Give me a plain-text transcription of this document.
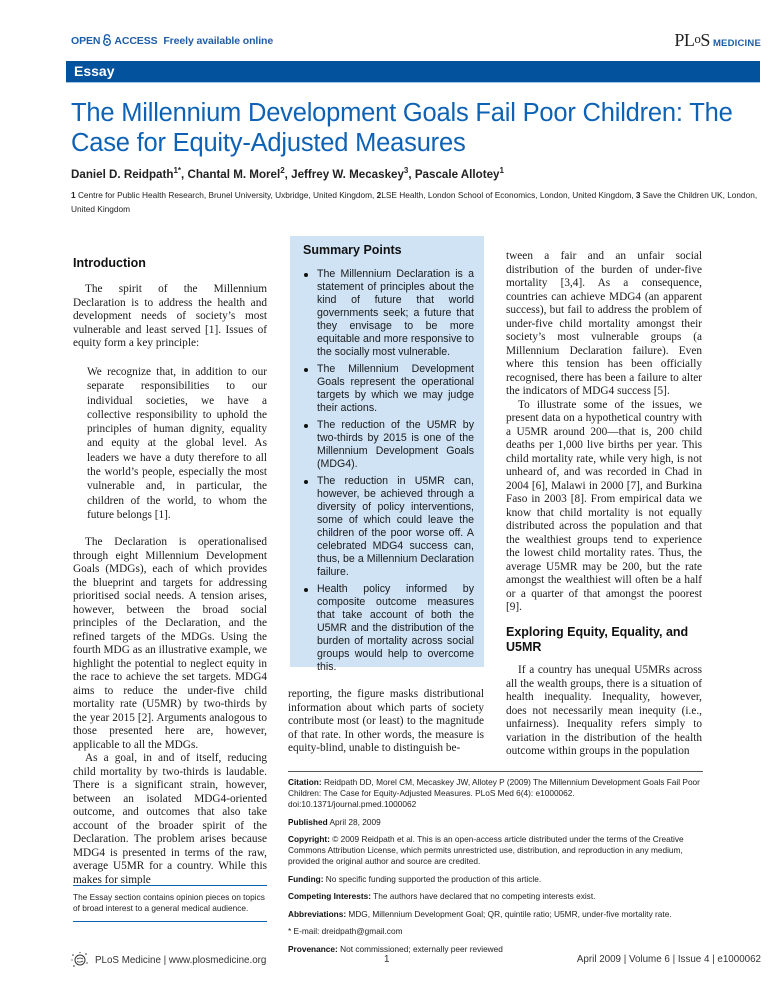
OPEN ACCESS Freely available online	PLoS MEDICINE
Essay
The Millennium Development Goals Fail Poor Children: The Case for Equity-Adjusted Measures
Daniel D. Reidpath$^{1*}$, Chantal M. Morel$^2$, Jeffrey W. Mecaskey$^3$, Pascale Allotey$^1$
1 Centre for Public Health Research, Brunel University, Uxbridge, United Kingdom, 2LSE Health, London School of Economics, London, United Kingdom, 3 Save the Children UK, London, United Kingdom
Introduction

The spirit of the Millennium Declaration is to address the health and development needs of society’s most vulnerable and least served [1]. Issues of equity form a key principle:

We recognize that, in addition to our separate responsibilities to our individual societies, we have a collective responsibility to uphold the principles of human dignity, equality and equity at the global level. As leaders we have a duty therefore to all the world’s people, especially the most vulnerable and, in particular, the children of the world, to whom the future belongs [1].

The Declaration is operationalised through eight Millennium Development Goals (MDGs), each of which provides the blueprint and targets for addressing prioritised social needs. A tension arises, however, between the broad social principles of the Declaration, and the refined targets of the MDGs. Using the fourth MDG as an illustrative example, we highlight the potential to neglect equity in the race to achieve the set targets. MDG4 aims to reduce the under-five child mortality rate (U5MR) by two-thirds by the year 2015 [2]. Arguments analogous to those presented here are, however, applicable to all the MDGs.

As a goal, in and of itself, reducing child mortality by two-thirds is laudable. There is a significant strain, however, between an isolated MDG4-oriented outcome, and outcomes that also take account of the broader spirit of the Declaration. The problem arises because MDG4 is presented in terms of the raw, average U5MR for a country. While this makes for simple

The Essay section contains opinion pieces on topics of broad interest to a general medical audience.
Summary Points
The Millennium Declaration is a statement of principles about the kind of future that world governments seek; a future that they envisage to be more equitable and more responsive to the socially most vulnerable.
The Millennium Development Goals represent the operational targets by which we may judge their actions.
The reduction of the U5MR by two-thirds by 2015 is one of the Millennium Development Goals (MDG4).
The reduction in U5MR can, however, be achieved through a diversity of policy interventions, some of which could leave the children of the poor worse off. A celebrated MDG4 success can, thus, be a Millennium Declaration failure.
Health policy informed by composite outcome measures that take account of both the U5MR and the distribution of the burden of mortality across social groups would help to overcome this.

reporting, the figure masks distributional information about which parts of society contribute most (or least) to the magnitude of that rate. In other words, the measure is equity-blind, unable to distinguish be-

tween a fair and an unfair social distribution of the burden of under-five mortality [3,4]. As a consequence, countries can achieve MDG4 (an apparent success), but fail to address the problem of under-five child mortality amongst their society’s most vulnerable groups (a Millennium Declaration failure). Even where this tension has been officially recognised, there has been a failure to alter the indicators of MDG4 success [5].

To illustrate some of the issues, we present data on a hypothetical country with a U5MR around 200—that is, 200 child deaths per 1,000 live births per year. This child mortality rate, while very high, is not unheard of, and was recorded in Chad in 2004 [6], Malawi in 2000 [7], and Burkina Faso in 2003 [8]. From empirical data we know that child mortality is not equally distributed across the population and that the wealthiest groups tend to experience the lowest child mortality rates. Thus, the average U5MR may be 200, but the rate amongst the wealthiest will often be a half or a quarter of that amongst the poorest [9].

Exploring Equity, Equality, and U5MR

If a country has unequal U5MRs across all the wealth groups, there is a situation of health inequality. Inequality, however, does not necessarily mean inequity (i.e., unfairness). Inequality refers simply to variation in the distribution of the health outcome within groups in the population

Citation: Reidpath DD, Morel CM, Mecaskey JW, Allotey P (2009) The Millennium Development Goals Fail Poor Children: The Case for Equity-Adjusted Measures. PLoS Med 6(4): e1000062. doi:10.1371/journal.pmed.1000062
Published April 28, 2009
Copyright: © 2009 Reidpath et al. This is an open-access article distributed under the terms of the Creative Commons Attribution License, which permits unrestricted use, distribution, and reproduction in any medium, provided the original author and source are credited.
Funding: No specific funding supported the production of this article.
Competing Interests: The authors have declared that no competing interests exist.
Abbreviations: MDG, Millennium Development Goal; QR, quintile ratio; U5MR, under-five mortality rate.
* E-mail: dreidpath@gmail.com
Provenance: Not commissioned; externally peer reviewed
PLoS Medicine | www.plosmedicine.org	1	April 2009 | Volume 6 | Issue 4 | e1000062
